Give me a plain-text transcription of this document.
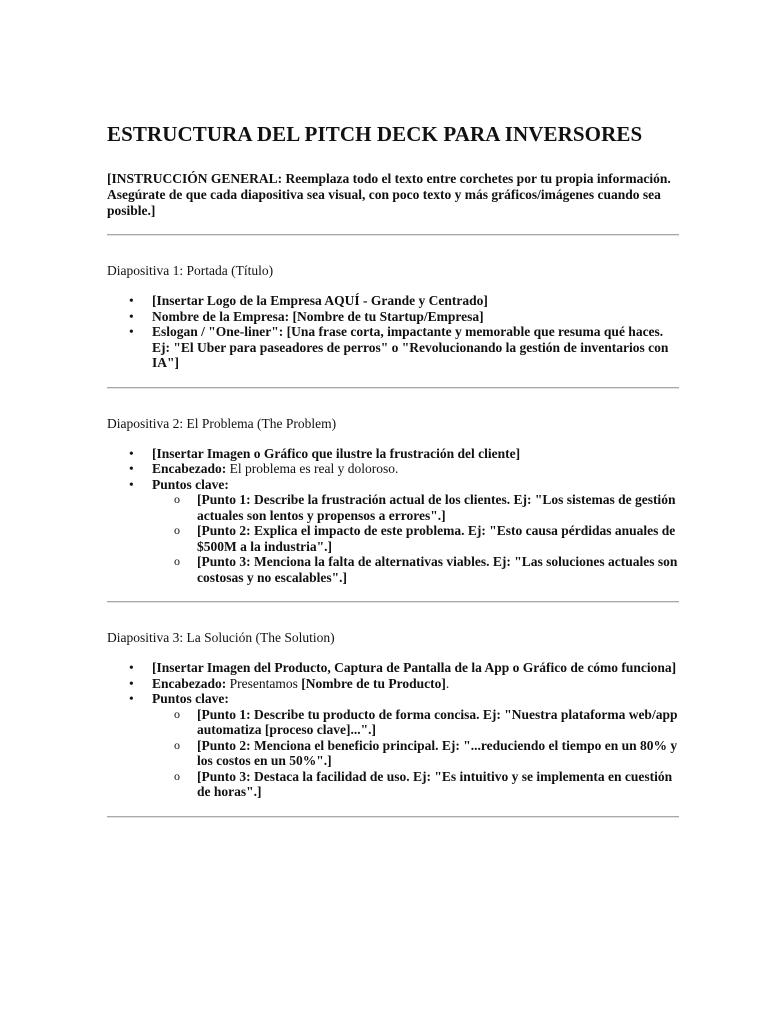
ESTRUCTURA DEL PITCH DECK PARA INVERSORES

[INSTRUCCIÓN GENERAL: Reemplaza todo el texto entre corchetes por tu propia información. Asegúrate de que cada diapositiva sea visual, con poco texto y más gráficos/imágenes cuando sea posible.]

Diapositiva 1: Portada (Título)

• [Insertar Logo de la Empresa AQUÍ - Grande y Centrado]
• Nombre de la Empresa: [Nombre de tu Startup/Empresa]
• Eslogan / "One-liner": [Una frase corta, impactante y memorable que resuma qué haces. Ej: "El Uber para paseadores de perros" o "Revolucionando la gestión de inventarios con IA"]

Diapositiva 2: El Problema (The Problem)

• [Insertar Imagen o Gráfico que ilustre la frustración del cliente]
• Encabezado: El problema es real y doloroso.
• Puntos clave:
o [Punto 1: Describe la frustración actual de los clientes. Ej: "Los sistemas de gestión actuales son lentos y propensos a errores".]
o [Punto 2: Explica el impacto de este problema. Ej: "Esto causa pérdidas anuales de $500M a la industria".]
o [Punto 3: Menciona la falta de alternativas viables. Ej: "Las soluciones actuales son costosas y no escalables".]

Diapositiva 3: La Solución (The Solution)

• [Insertar Imagen del Producto, Captura de Pantalla de la App o Gráfico de cómo funciona]
• Encabezado: Presentamos [Nombre de tu Producto].
• Puntos clave:
o [Punto 1: Describe tu producto de forma concisa. Ej: "Nuestra plataforma web/app automatiza [proceso clave]...".]
o [Punto 2: Menciona el beneficio principal. Ej: "...reduciendo el tiempo en un 80% y los costos en un 50%".]
o [Punto 3: Destaca la facilidad de uso. Ej: "Es intuitivo y se implementa en cuestión de horas".]
